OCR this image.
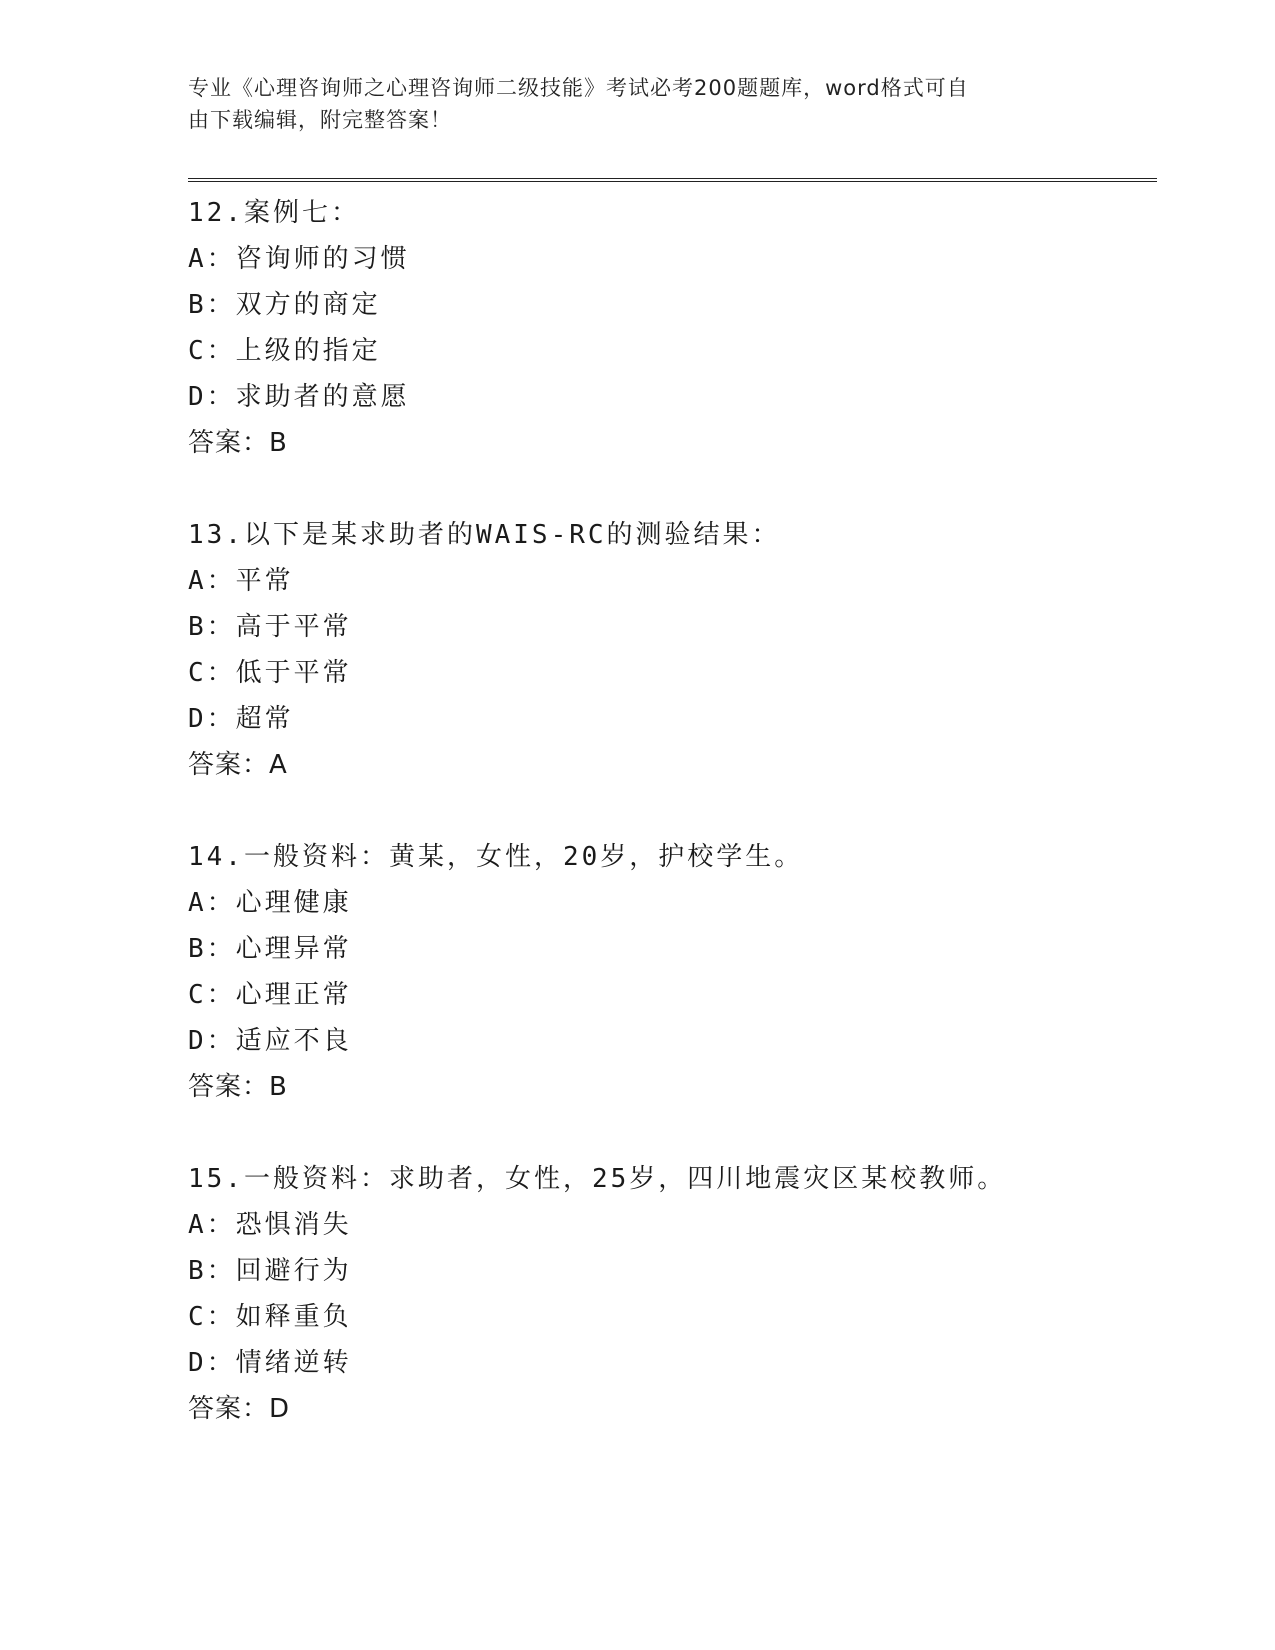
专业《心理咨询师之心理咨询师二级技能》考试必考200题题库，word格式可自
由下载编辑，附完整答案！
12.案例七：
A：咨询师的习惯
B：双方的商定
C：上级的指定
D：求助者的意愿
答案：B
13.以下是某求助者的WAIS-RC的测验结果：
A：平常
B：高于平常
C：低于平常
D：超常
答案：A
14.一般资料：黄某，女性，20岁，护校学生。
A：心理健康
B：心理异常
C：心理正常
D：适应不良
答案：B
15.一般资料：求助者，女性，25岁，四川地震灾区某校教师。
A：恐惧消失
B：回避行为
C：如释重负
D：情绪逆转
答案：D
